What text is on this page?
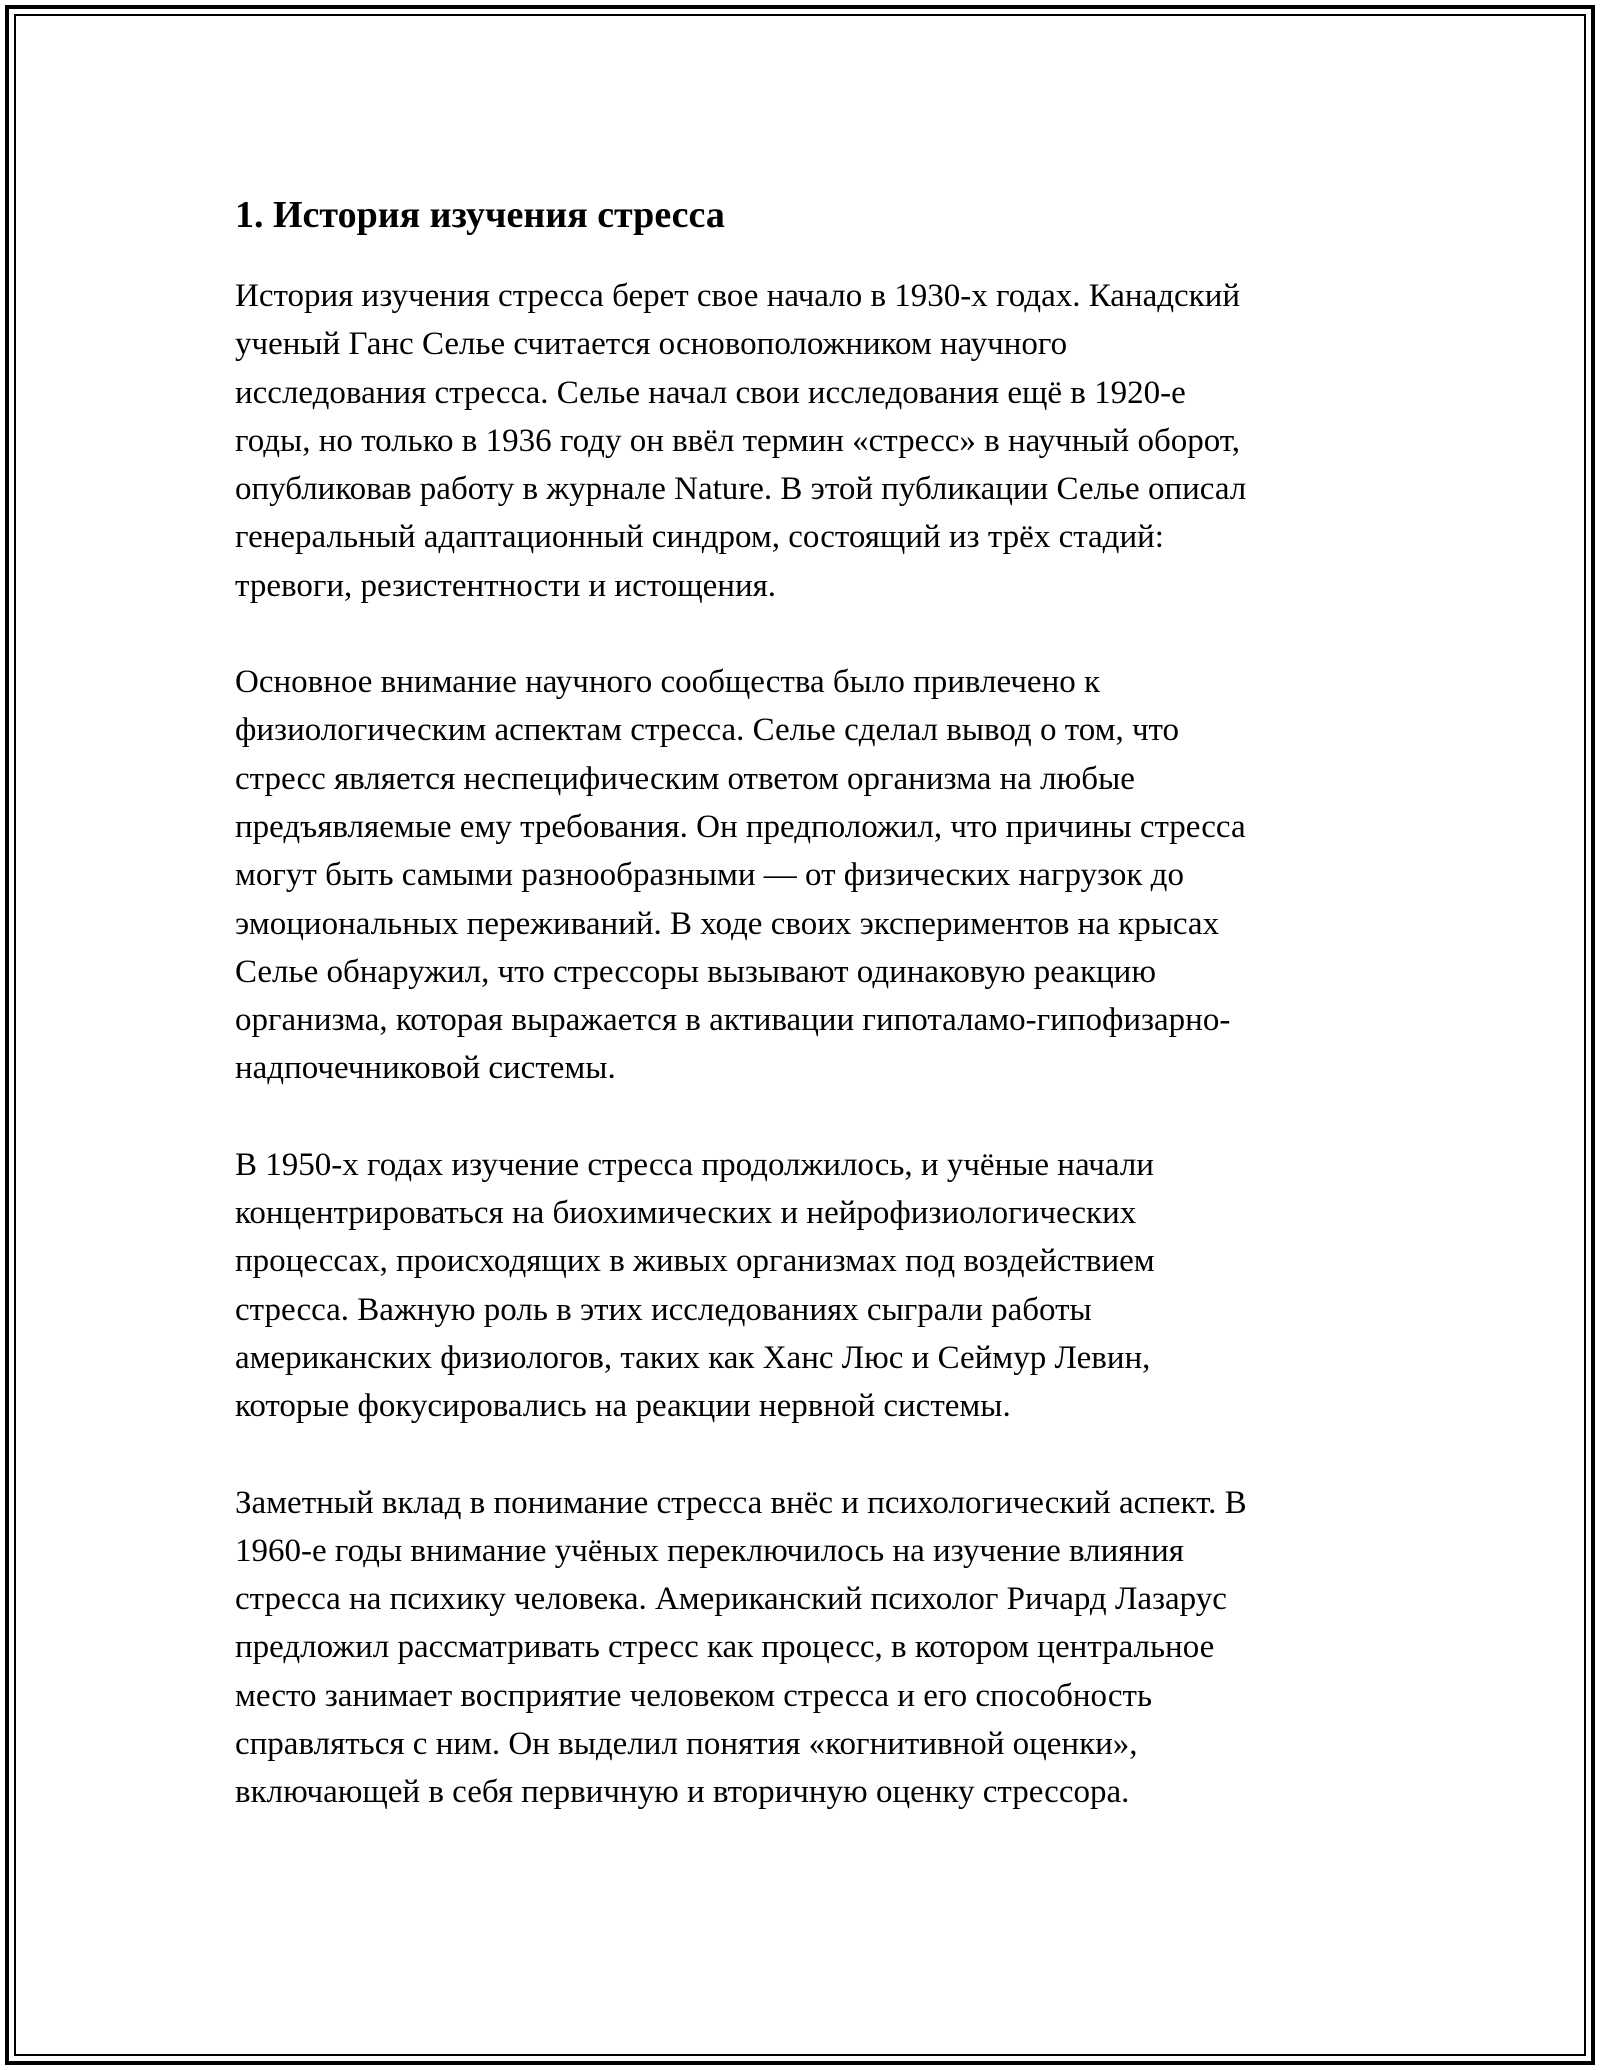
1. История изучения стресса

История изучения стресса берет свое начало в 1930-х годах. Канадский
ученый Ганс Селье считается основоположником научного
исследования стресса. Селье начал свои исследования ещё в 1920-е
годы, но только в 1936 году он ввёл термин «стресс» в научный оборот,
опубликовав работу в журнале Nature. В этой публикации Селье описал
генеральный адаптационный синдром, состоящий из трёх стадий:
тревоги, резистентности и истощения.

Основное внимание научного сообщества было привлечено к
физиологическим аспектам стресса. Селье сделал вывод о том, что
стресс является неспецифическим ответом организма на любые
предъявляемые ему требования. Он предположил, что причины стресса
могут быть самыми разнообразными — от физических нагрузок до
эмоциональных переживаний. В ходе своих экспериментов на крысах
Селье обнаружил, что стрессоры вызывают одинаковую реакцию
организма, которая выражается в активации гипоталамо-гипофизарно-
надпочечниковой системы.

В 1950-х годах изучение стресса продолжилось, и учёные начали
концентрироваться на биохимических и нейрофизиологических
процессах, происходящих в живых организмах под воздействием
стресса. Важную роль в этих исследованиях сыграли работы
американских физиологов, таких как Ханс Люс и Сеймур Левин,
которые фокусировались на реакции нервной системы.

Заметный вклад в понимание стресса внёс и психологический аспект. В
1960-е годы внимание учёных переключилось на изучение влияния
стресса на психику человека. Американский психолог Ричард Лазарус
предложил рассматривать стресс как процесс, в котором центральное
место занимает восприятие человеком стресса и его способность
справляться с ним. Он выделил понятия «когнитивной оценки»,
включающей в себя первичную и вторичную оценку стрессора.
